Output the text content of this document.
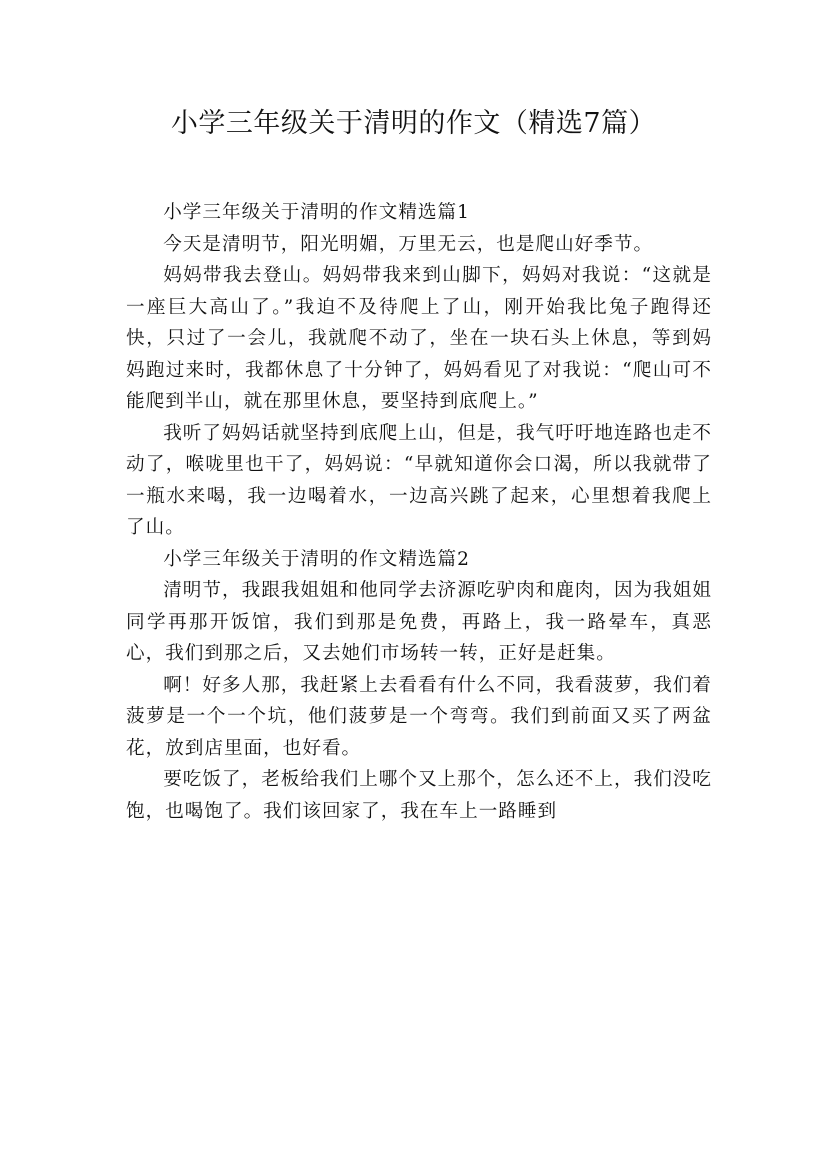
小学三年级关于清明的作文（精选7篇）

小学三年级关于清明的作文精选篇1

今天是清明节，阳光明媚，万里无云，也是爬山好季节。

妈妈带我去登山。妈妈带我来到山脚下，妈妈对我说：“这就是一座巨大高山了。”我迫不及待爬上了山，刚开始我比兔子跑得还快，只过了一会儿，我就爬不动了，坐在一块石头上休息，等到妈妈跑过来时，我都休息了十分钟了，妈妈看见了对我说：“爬山可不能爬到半山，就在那里休息，要坚持到底爬上。”

我听了妈妈话就坚持到底爬上山，但是，我气吁吁地连路也走不动了，喉咙里也干了，妈妈说：“早就知道你会口渴，所以我就带了一瓶水来喝，我一边喝着水，一边高兴跳了起来，心里想着我爬上了山。

小学三年级关于清明的作文精选篇2

清明节，我跟我姐姐和他同学去济源吃驴肉和鹿肉，因为我姐姐同学再那开饭馆，我们到那是免费，再路上，我一路晕车，真恶心，我们到那之后，又去她们市场转一转，正好是赶集。

啊！好多人那，我赶紧上去看看有什么不同，我看菠萝，我们着菠萝是一个一个坑，他们菠萝是一个弯弯。我们到前面又买了两盆花，放到店里面，也好看。

要吃饭了，老板给我们上哪个又上那个，怎么还不上，我们没吃饱，也喝饱了。我们该回家了，我在车上一路睡到
